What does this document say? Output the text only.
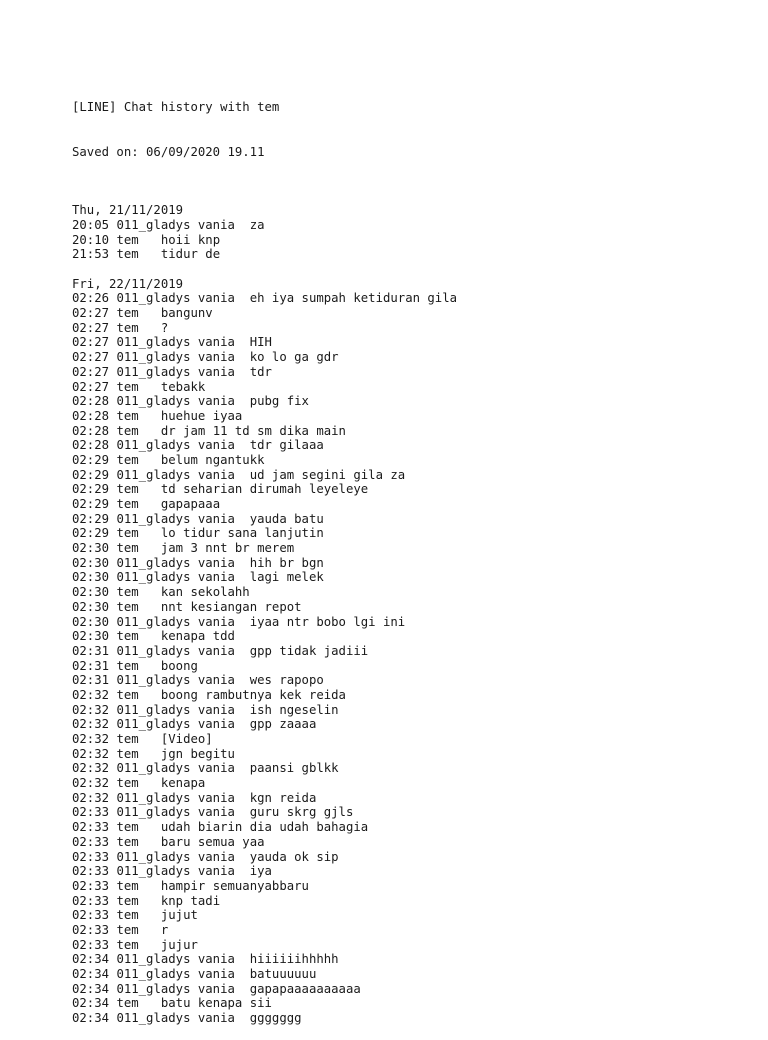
[LINE] Chat history with tem

Saved on: 06/09/2020 19.11

Thu, 21/11/2019
20:05 011_gladys vania za
20:10 tem hoii knp
21:53 tem tidur de
Fri, 22/11/2019
02:26 011_gladys vania eh iya sumpah ketiduran gila
02:27 tem bangunv
02:27 tem ?
02:27 011_gladys vania HIH
02:27 011_gladys vania ko lo ga gdr
02:27 011_gladys vania tdr
02:27 tem tebakk
02:28 011_gladys vania pubg fix
02:28 tem huehue iyaa
02:28 tem dr jam 11 td sm dika main
02:28 011_gladys vania tdr gilaaa
02:29 tem belum ngantukk
02:29 011_gladys vania ud jam segini gila za
02:29 tem td seharian dirumah leyeleye
02:29 tem gapapaaa
02:29 011_gladys vania yauda batu
02:29 tem lo tidur sana lanjutin
02:30 tem jam 3 nnt br merem
02:30 011_gladys vania hih br bgn
02:30 011_gladys vania lagi melek
02:30 tem kan sekolahh
02:30 tem nnt kesiangan repot
02:30 011_gladys vania iyaa ntr bobo lgi ini
02:30 tem kenapa tdd
02:31 011_gladys vania gpp tidak jadiii
02:31 tem boong
02:31 011_gladys vania wes rapopo
02:32 tem boong rambutnya kek reida
02:32 011_gladys vania ish ngeselin
02:32 011_gladys vania gpp zaaaa
02:32 tem [Video]
02:32 tem jgn begitu
02:32 011_gladys vania paansi gblkk
02:32 tem kenapa
02:32 011_gladys vania kgn reida
02:33 011_gladys vania guru skrg gjls
02:33 tem udah biarin dia udah bahagia
02:33 tem baru semua yaa
02:33 011_gladys vania yauda ok sip
02:33 011_gladys vania iya
02:33 tem hampir semuanyabbaru
02:33 tem knp tadi
02:33 tem jujut
02:33 tem r
02:33 tem jujur
02:34 011_gladys vania hiiiiiihhhhh
02:34 011_gladys vania batuuuuuu
02:34 011_gladys vania gapapaaaaaaaaaa
02:34 tem batu kenapa sii
02:34 011_gladys vania ggggggg
